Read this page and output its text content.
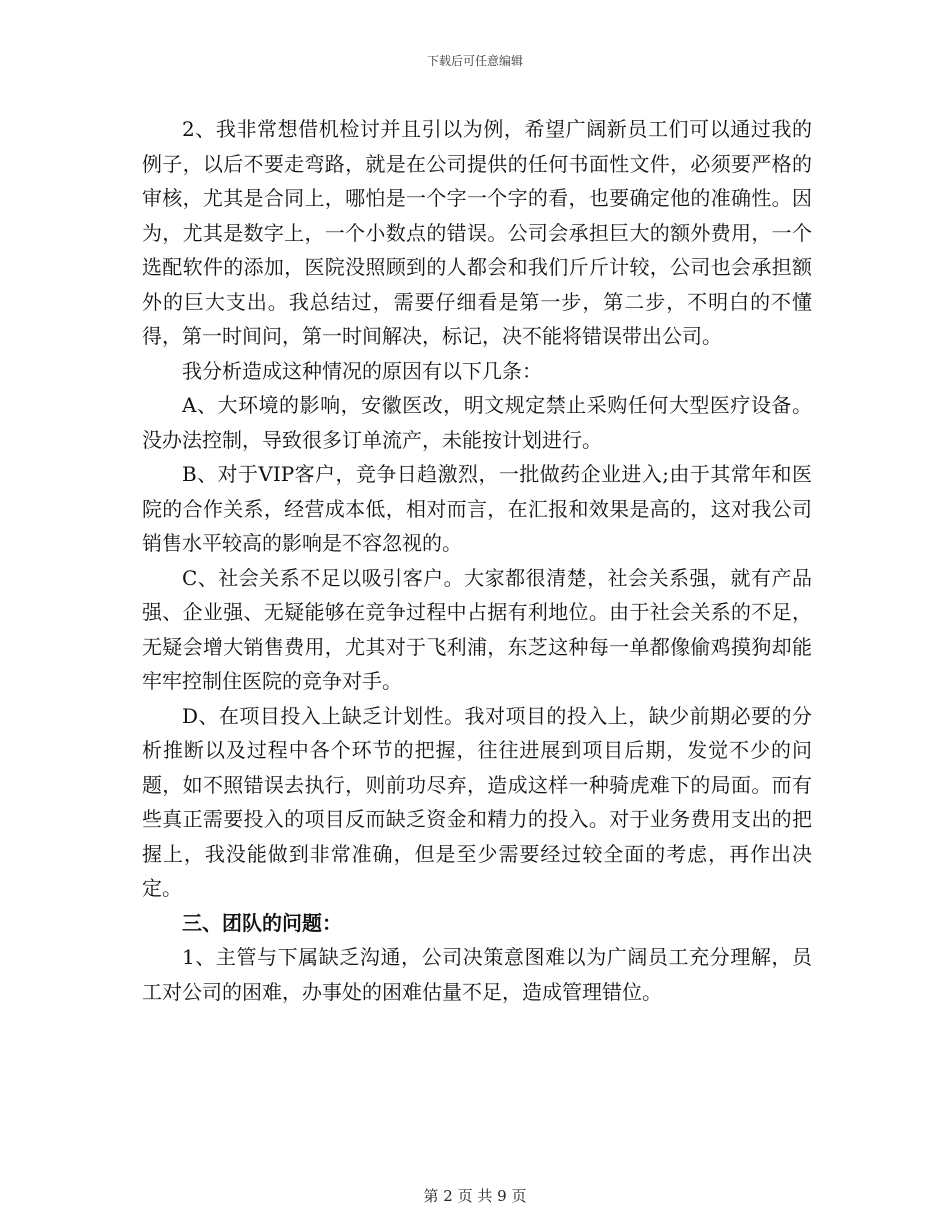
下载后可任意编辑

2、我非常想借机检讨并且引以为例，希望广阔新员工们可以通过我的例子，以后不要走弯路，就是在公司提供的任何书面性文件，必须要严格的审核，尤其是合同上，哪怕是一个字一个字的看，也要确定他的准确性。因为，尤其是数字上，一个小数点的错误。公司会承担巨大的额外费用，一个选配软件的添加，医院没照顾到的人都会和我们斤斤计较，公司也会承担额外的巨大支出。我总结过，需要仔细看是第一步，第二步，不明白的不懂得，第一时间问，第一时间解决，标记，决不能将错误带出公司。

我分析造成这种情况的原因有以下几条：

A、大环境的影响，安徽医改，明文规定禁止采购任何大型医疗设备。没办法控制，导致很多订单流产，未能按计划进行。

B、对于VIP客户，竞争日趋激烈，一批做药企业进入;由于其常年和医院的合作关系，经营成本低，相对而言，在汇报和效果是高的，这对我公司销售水平较高的影响是不容忽视的。

C、社会关系不足以吸引客户。大家都很清楚，社会关系强，就有产品强、企业强、无疑能够在竞争过程中占据有利地位。由于社会关系的不足，无疑会增大销售费用，尤其对于飞利浦，东芝这种每一单都像偷鸡摸狗却能牢牢控制住医院的竞争对手。

D、在项目投入上缺乏计划性。我对项目的投入上，缺少前期必要的分析推断以及过程中各个环节的把握，往往进展到项目后期，发觉不少的问题，如不照错误去执行，则前功尽弃，造成这样一种骑虎难下的局面。而有些真正需要投入的项目反而缺乏资金和精力的投入。对于业务费用支出的把握上，我没能做到非常准确，但是至少需要经过较全面的考虑，再作出决定。

三、团队的问题：

1、主管与下属缺乏沟通，公司决策意图难以为广阔员工充分理解，员工对公司的困难，办事处的困难估量不足，造成管理错位。

第 2 页 共 9 页
